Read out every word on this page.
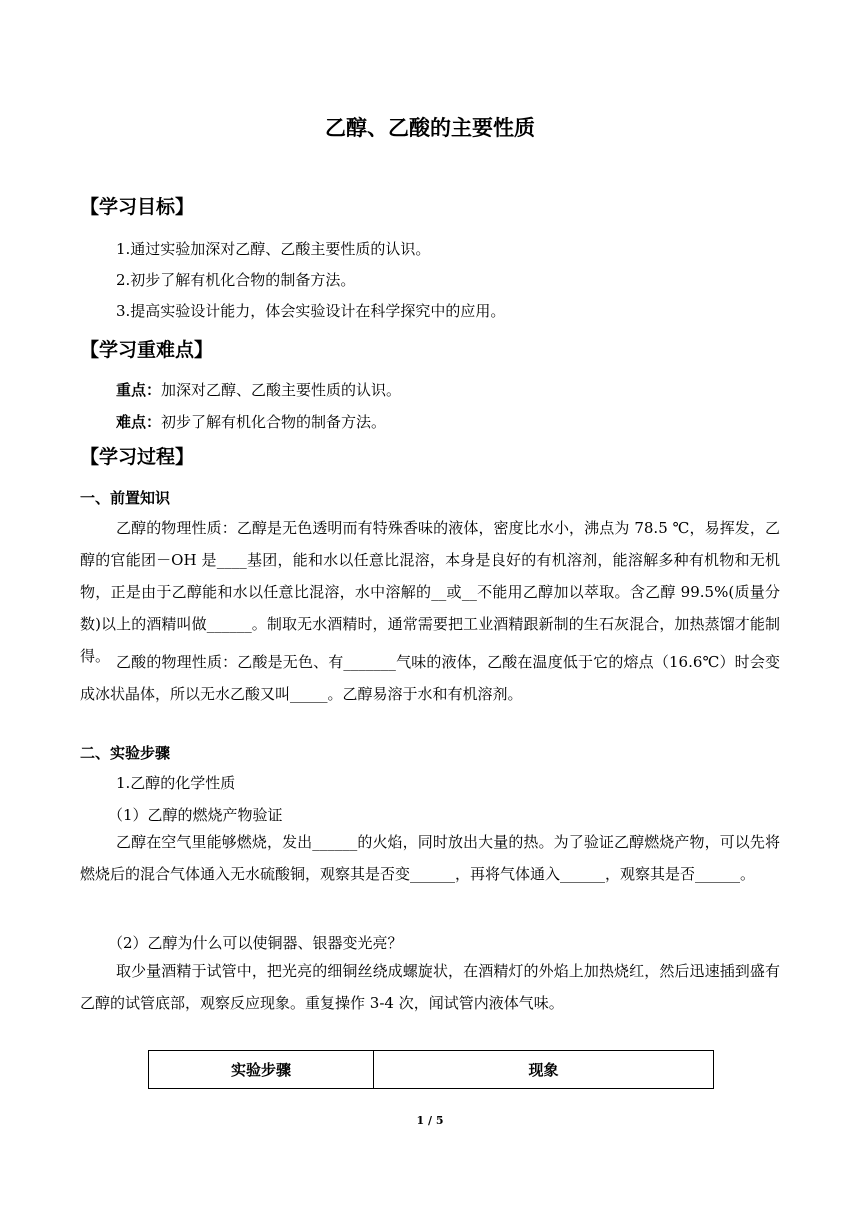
乙醇、乙酸的主要性质
【学习目标】
1.通过实验加深对乙醇、乙酸主要性质的认识。
2.初步了解有机化合物的制备方法。
3.提高实验设计能力，体会实验设计在科学探究中的应用。
【学习重难点】
重点：加深对乙醇、乙酸主要性质的认识。
难点：初步了解有机化合物的制备方法。
【学习过程】
一、前置知识
乙醇的物理性质：乙醇是无色透明而有特殊香味的液体，密度比水小，沸点为 78.5 ℃，易挥发，乙醇的官能团－OH 是____基团，能和水以任意比混溶，本身是良好的有机溶剂，能溶解多种有机物和无机物，正是由于乙醇能和水以任意比混溶，水中溶解的__或__不能用乙醇加以萃取。含乙醇 99.5%(质量分数)以上的酒精叫做______。制取无水酒精时，通常需要把工业酒精跟新制的生石灰混合，加热蒸馏才能制得。 乙酸的物理性质：乙酸是无色、有_______气味的液体，乙酸在温度低于它的熔点（16.6℃）时会变成冰状晶体，所以无水乙酸又叫_____。乙醇易溶于水和有机溶剂。
二、实验步骤
1.乙醇的化学性质
（1）乙醇的燃烧产物验证
乙醇在空气里能够燃烧，发出______的火焰，同时放出大量的热。为了验证乙醇燃烧产物，可以先将燃烧后的混合气体通入无水硫酸铜，观察其是否变______，再将气体通入______，观察其是否______。
（2）乙醇为什么可以使铜器、银器变光亮？
取少量酒精于试管中，把光亮的细铜丝绕成螺旋状，在酒精灯的外焰上加热烧红，然后迅速插到盛有乙醇的试管底部，观察反应现象。重复操作 3-4 次，闻试管内液体气味。
实验步骤	现象
1 / 5
